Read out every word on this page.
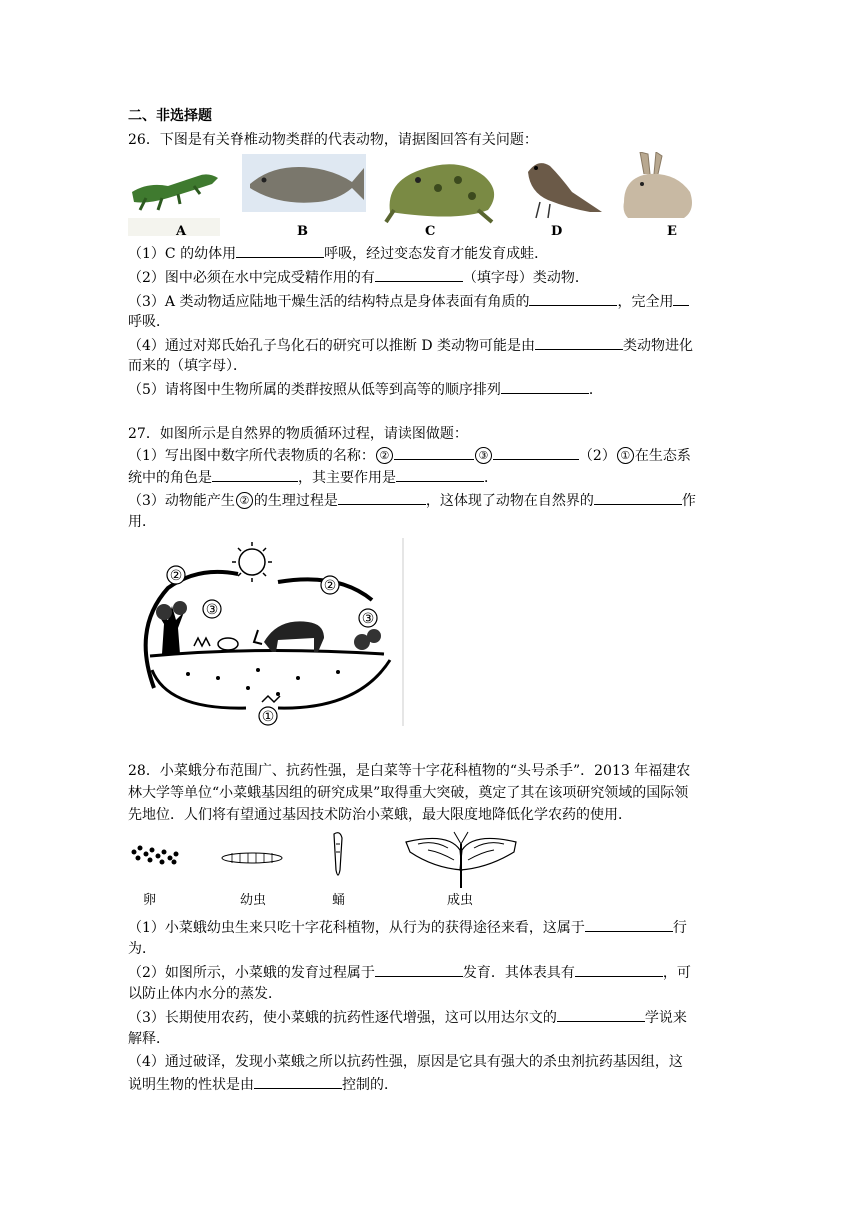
二、非选择题
26．下图是有关脊椎动物类群的代表动物，请据图回答有关问题：
A	B	C	D	E
（1）C 的幼体用	呼吸，经过变态发育才能发育成蛙．
（2）图中必须在水中完成受精作用的有	（填字母）类动物．
（3）A 类动物适应陆地干燥生活的结构特点是身体表面有角质的	，完全用
呼吸．
（4）通过对郑氏始孔子鸟化石的研究可以推断 D 类动物可能是由	类动物进化
而来的（填字母）．
（5）请将图中生物所属的类群按照从低等到高等的顺序排列	．
27．如图所示是自然界的物质循环过程，请读图做题：
（1）写出图中数字所代表物质的名称： ②	③	（2） ① 在生态系
统中的角色是	，其主要作用是	．
（3）动物能产生 ② 的生理过程是	，这体现了动物在自然界的	作
用．
②
②
③
③
①
28．小菜蛾分布范围广、抗药性强，是白菜等十字花科植物的“头号杀手”．2013 年福建农
林大学等单位“小菜蛾基因组的研究成果”取得重大突破，奠定了其在该项研究领域的国际领
先地位．人们将有望通过基因技术防治小菜蛾，最大限度地降低化学农药的使用．
卵	幼虫	蛹	成虫
（1）小菜蛾幼虫生来只吃十字花科植物，从行为的获得途径来看，这属于	行
为．
（2）如图所示，小菜蛾的发育过程属于	发育．其体表具有	，可
以防止体内水分的蒸发．
（3）长期使用农药，使小菜蛾的抗药性逐代增强，这可以用达尔文的	学说来
解释．
（4）通过破译，发现小菜蛾之所以抗药性强，原因是它具有强大的杀虫剂抗药基因组，这
说明生物的性状是由	控制的．
